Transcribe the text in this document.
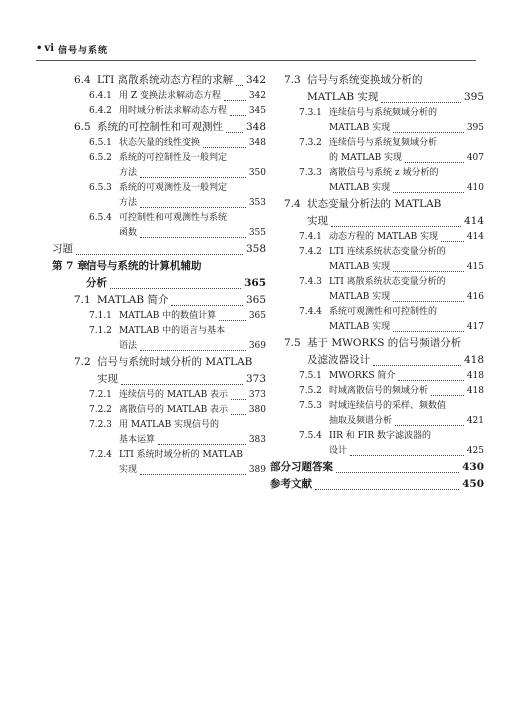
• vi 信号与系统
6.4 LTI 离散系统动态方程的求解 342
6.4.1 用 Z 变换法求解动态方程	342
6.4.2 用时域分析法求解动态方程 345
6.5 系统的可控制性和可观测性 348
6.5.1 状态矢量的线性变换	348
6.5.2 系统的可控制性及一般判定
方法	350
6.5.3 系统的可观测性及一般判定
方法	353
6.5.4 可控制性和可观测性与系统
函数	355
习题	358
第 7 章
信号与系统的计算机辅助
分析	365
7.1 MATLAB 简介	365
7.1.1 MATLAB 中的数值计算	365
7.1.2 MATLAB 中的语言与基本
语法	369
7.2 信号与系统时域分析的 MATLAB
实现	373
7.2.1 连续信号的 MATLAB 表示 373
7.2.2 离散信号的 MATLAB 表示 380
7.2.3 用 MATLAB 实现信号的
基本运算	383
7.2.4 LTI 系统时域分析的 MATLAB
实现	389
7.3 信号与系统变换域分析的
MATLAB 实现	395
7.3.1 连续信号与系统频域分析的
MATLAB 实现	395
7.3.2 连续信号与系统复频域分析
的 MATLAB 实现	407
7.3.3 离散信号与系统 z 域分析的
MATLAB 实现	410
7.4 状态变量分析法的 MATLAB
实现	414
7.4.1 动态方程的 MATLAB 实现	414
7.4.2 LTI 连续系统状态变量分析的
MATLAB 实现	415
7.4.3 LTI 离散系统状态变量分析的
MATLAB 实现	416
7.4.4 系统可观测性和可控制性的
MATLAB 实现	417
7.5 基于 MWORKS 的信号频谱分析
及滤波器设计	418
7.5.1 MWORKS 简介	418
7.5.2 时域离散信号的频域分析	418
7.5.3 时域连续信号的采样、频数值
抽取及频谱分析	421
7.5.4 IIR 和 FIR 数字滤波器的
设计	425
部分习题答案	430
参考文献	450
